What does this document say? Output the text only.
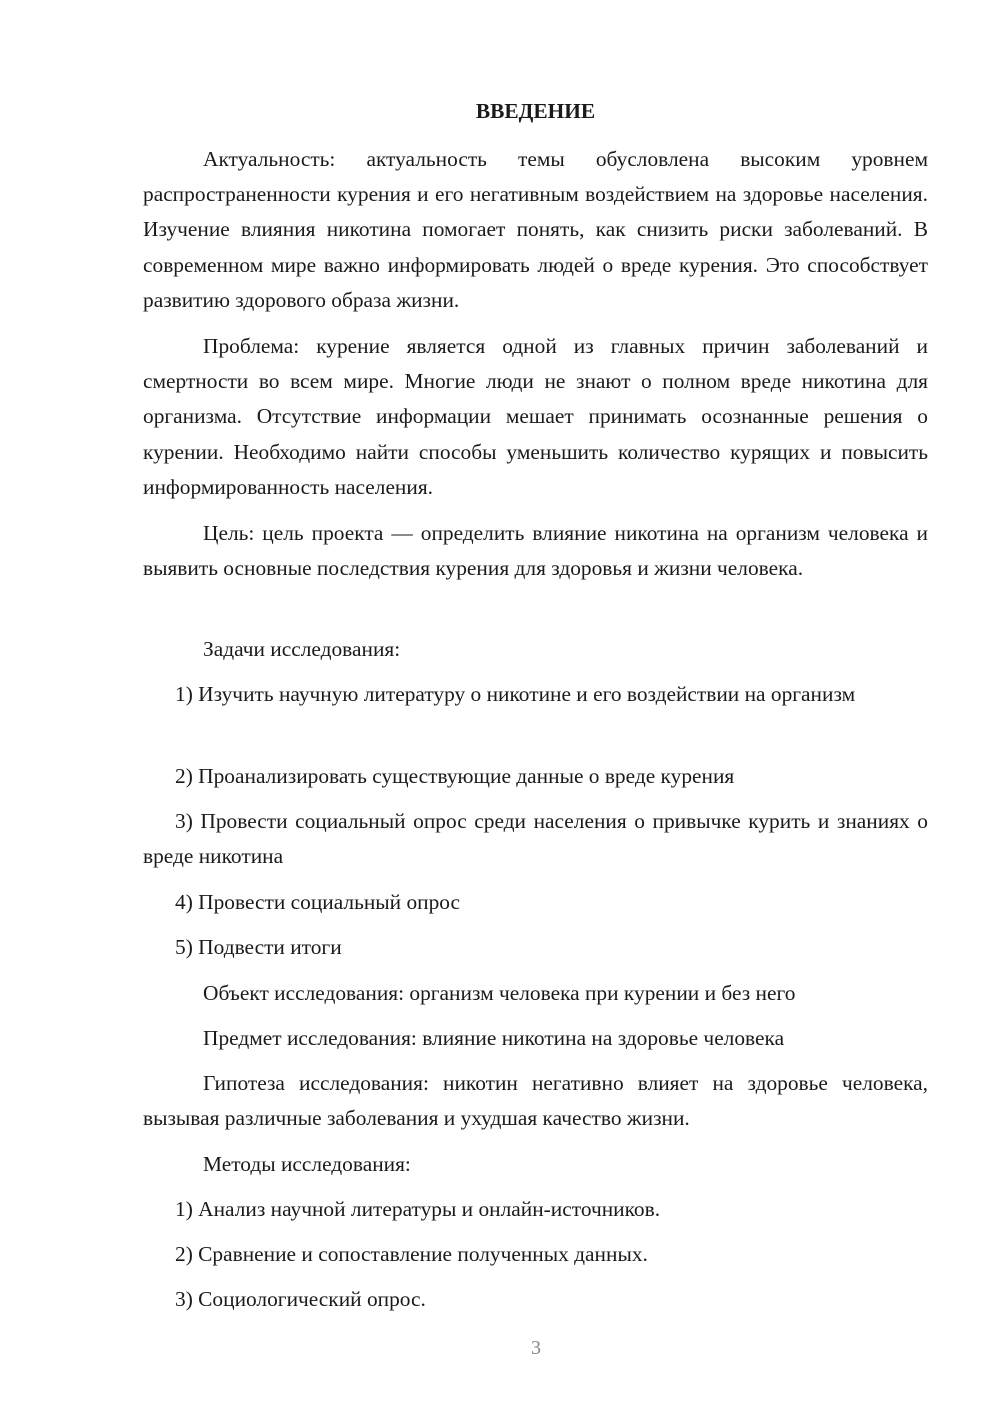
ВВЕДЕНИЕ

Актуальность: актуальность темы обусловлена высоким уровнем распространенности курения и его негативным воздействием на здоровье населения. Изучение влияния никотина помогает понять, как снизить риски заболеваний. В современном мире важно информировать людей о вреде курения. Это способствует развитию здорового образа жизни.

Проблема: курение является одной из главных причин заболеваний и смертности во всем мире. Многие люди не знают о полном вреде никотина для организма. Отсутствие информации мешает принимать осознанные решения о курении. Необходимо найти способы уменьшить количество курящих и повысить информированность населения.

Цель: цель проекта — определить влияние никотина на организм человека и выявить основные последствия курения для здоровья и жизни человека.

Задачи исследования:

1) Изучить научную литературу о никотине и его воздействии на организм

2) Проанализировать существующие данные о вреде курения

3) Провести социальный опрос среди населения о привычке курить и знаниях о вреде никотина

4) Провести социальный опрос

5) Подвести итоги

Объект исследования: организм человека при курении и без него

Предмет исследования: влияние никотина на здоровье человека

Гипотеза исследования: никотин негативно влияет на здоровье человека, вызывая различные заболевания и ухудшая качество жизни.

Методы исследования:

1) Анализ научной литературы и онлайн-источников.

2) Сравнение и сопоставление полученных данных.

3) Социологический опрос.

3
